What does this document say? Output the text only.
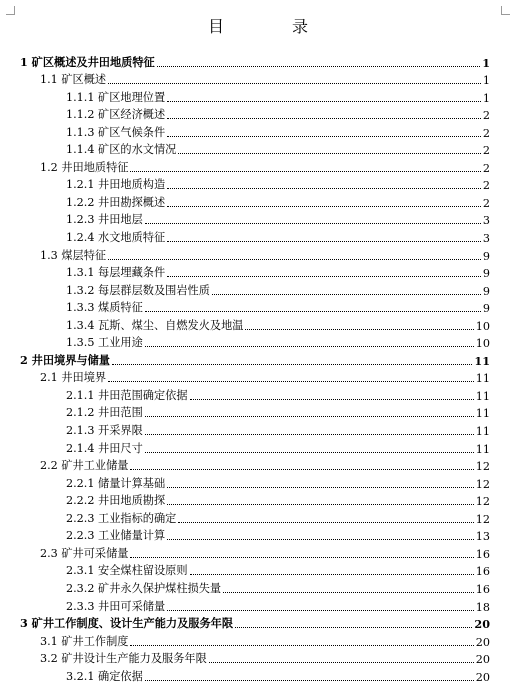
目　录
1 矿区概述及井田地质特征	1
1.1 矿区概述	1
1.1.1 矿区地理位置	1
1.1.2 矿区经济概述	2
1.1.3 矿区气候条件	2
1.1.4 矿区的水文情况	2
1.2 井田地质特征	2
1.2.1 井田地质构造	2
1.2.2 井田勘探概述	2
1.2.3 井田地层	3
1.2.4 水文地质特征	3
1.3 煤层特征	9
1.3.1 每层埋藏条件	9
1.3.2 每层群层数及围岩性质	9
1.3.3 煤质特征	9
1.3.4 瓦斯、煤尘、自燃发火及地温	10
1.3.5 工业用途	10
2 井田境界与储量	11
2.1 井田境界	11
2.1.1 井田范围确定依据	11
2.1.2 井田范围	11
2.1.3 开采界限	11
2.1.4 井田尺寸	11
2.2 矿井工业储量	12
2.2.1 储量计算基础	12
2.2.2 井田地质勘探	12
2.2.3 工业指标的确定	12
2.2.3 工业储量计算	13
2.3 矿井可采储量	16
2.3.1 安全煤柱留设原则	16
2.3.2 矿井永久保护煤柱损失量	16
2.3.3 井田可采储量	18
3 矿井工作制度、设计生产能力及服务年限	20
3.1 矿井工作制度	20
3.2 矿井设计生产能力及服务年限	20
3.2.1 确定依据	20
